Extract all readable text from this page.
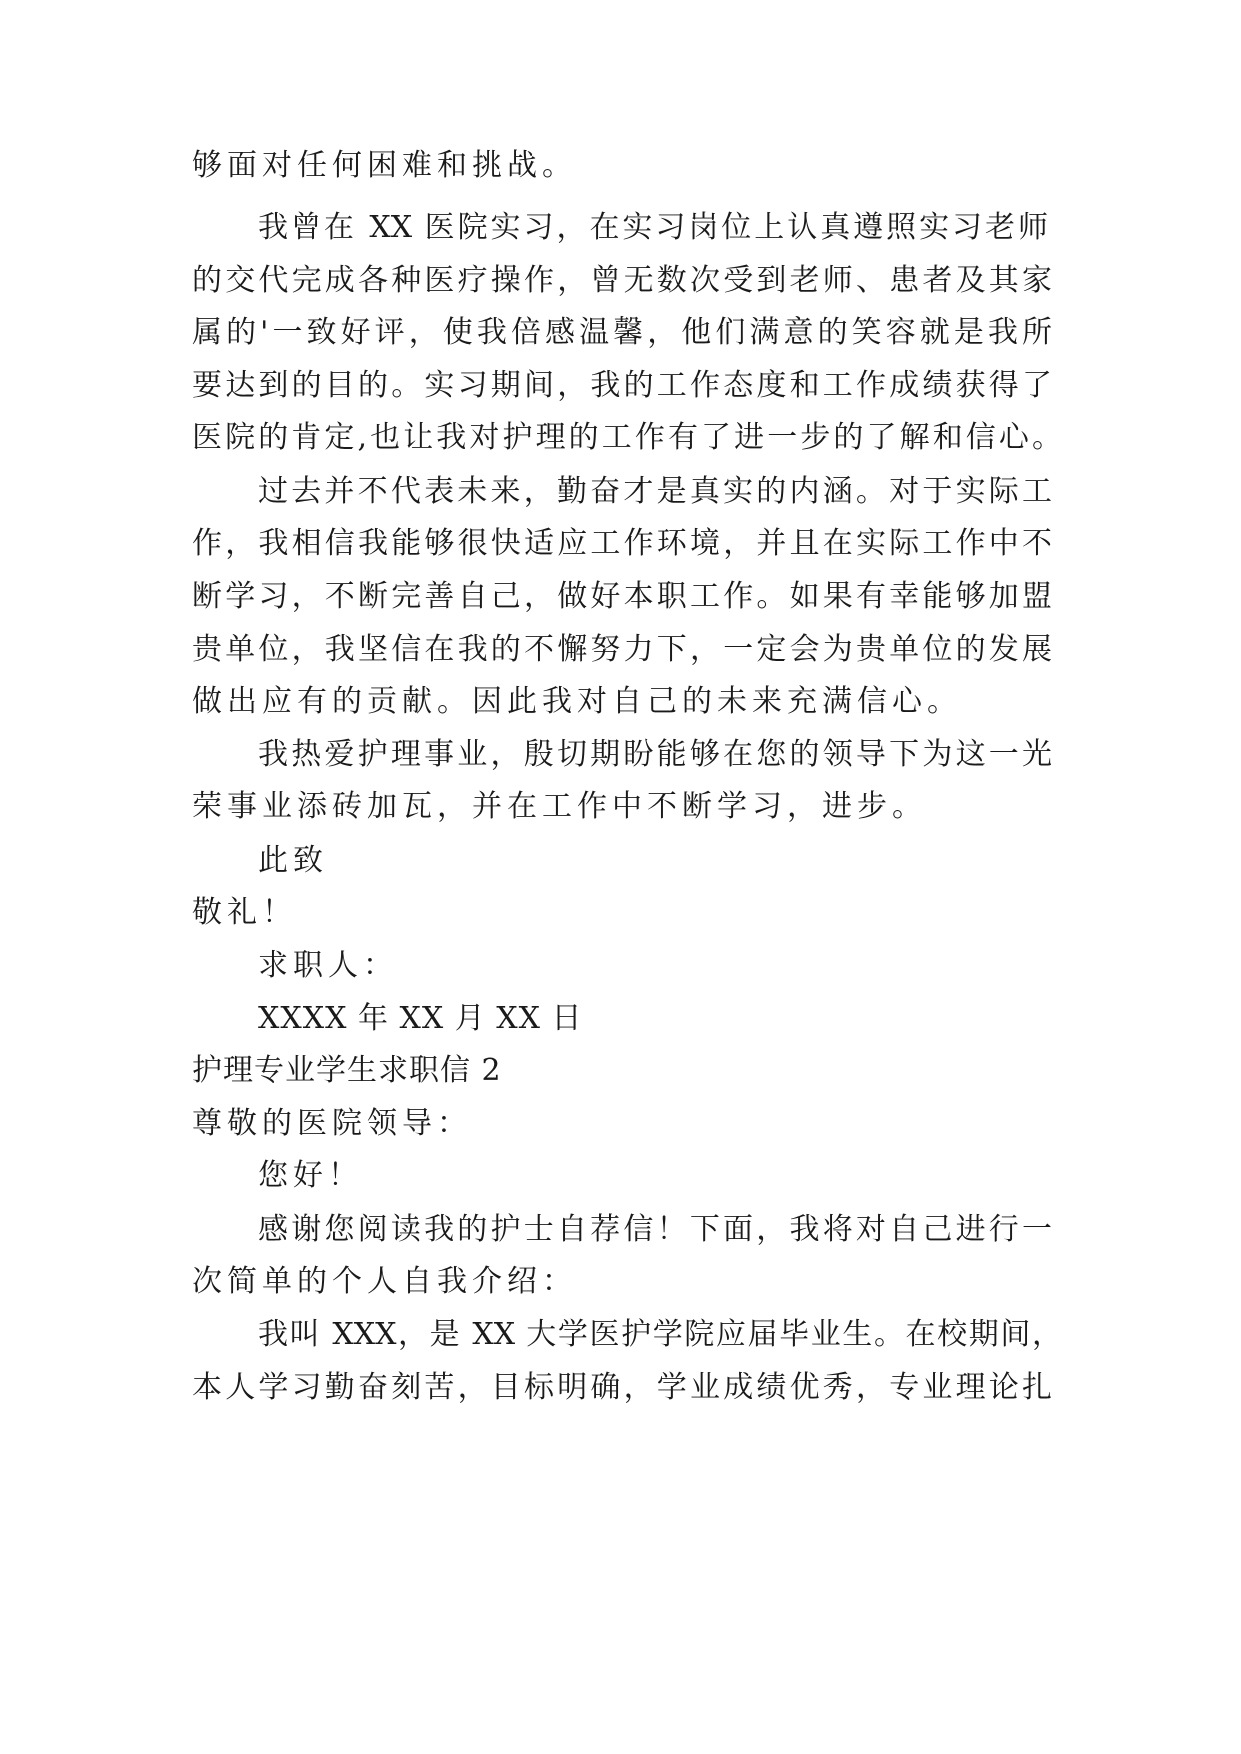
够面对任何困难和挑战。

我曾在 XX 医院实习，在实习岗位上认真遵照实习老师

的交代完成各种医疗操作，曾无数次受到老师、患者及其家

属的'一致好评，使我倍感温馨，他们满意的笑容就是我所

要达到的目的。实习期间，我的工作态度和工作成绩获得了

医院的肯定,也让我对护理的工作有了进一步的了解和信心。

过去并不代表未来，勤奋才是真实的内涵。对于实际工

作，我相信我能够很快适应工作环境，并且在实际工作中不

断学习，不断完善自己，做好本职工作。如果有幸能够加盟

贵单位，我坚信在我的不懈努力下，一定会为贵单位的发展

做出应有的贡献。因此我对自己的未来充满信心。

我热爱护理事业，殷切期盼能够在您的领导下为这一光

荣事业添砖加瓦，并在工作中不断学习，进步。

此致

敬礼！

求职人：

XXXX 年 XX 月 XX 日

护理专业学生求职信 2

尊敬的医院领导：

您好！

感谢您阅读我的护士自荐信！下面，我将对自己进行一

次简单的个人自我介绍：

我叫 XXX，是 XX 大学医护学院应届毕业生。在校期间，

本人学习勤奋刻苦，目标明确，学业成绩优秀，专业理论扎
